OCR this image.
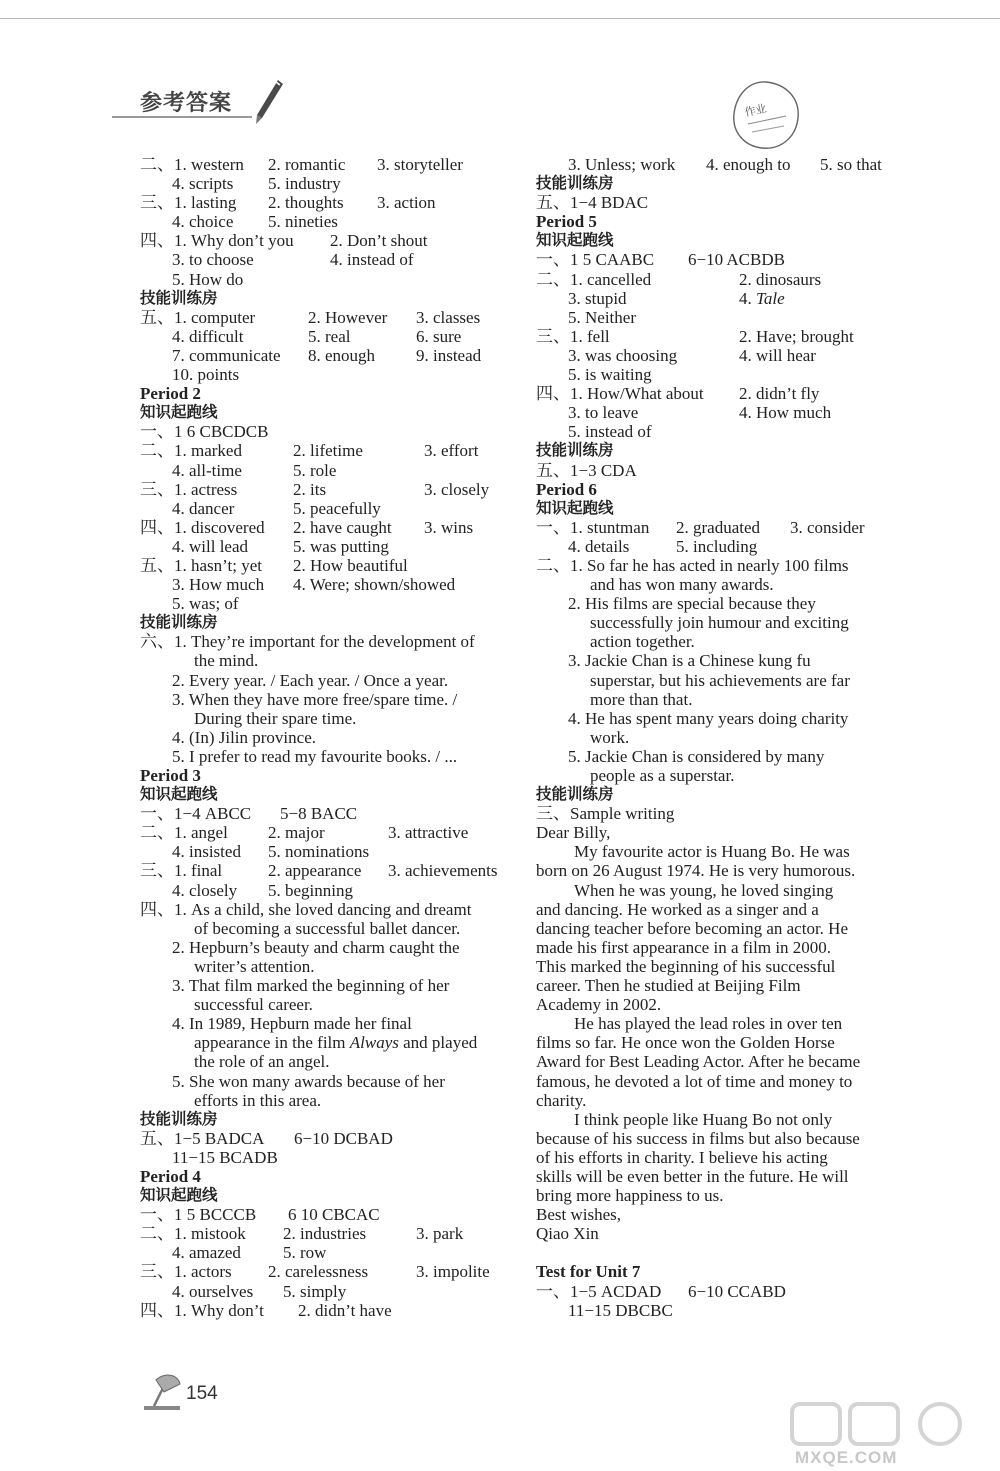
参考答案	作业
二、1. western 2. romantic 3. storyteller
4. scripts 5. industry
三、1. lasting 2. thoughts 3. action
4. choice 5. nineties
四、1. Why don’t you 2. Don’t shout
3. to choose	4. instead of
5. How do
技能训练房
五、1. computer	2. However 3. classes
4. difficult	5. real	6. sure
7. communicate 8. enough 9. instead
10. points
Period 2
知识起跑线
一、1 6 CBCDCB
二、1. marked	2. lifetime	3. effort
4. all-time	5. role
三、1. actress	2. its	3. closely
4. dancer	5. peacefully
四、1. discovered 2. have caught 3. wins
4. will lead	5. was putting
五、1. hasn’t; yet 2. How beautiful
3. How much 4. Were; shown/showed
5. was; of
技能训练房
六、1. They’re important for the development of
the mind.
2. Every year. / Each year. / Once a year.
3. When they have more free/spare time. /
During their spare time.
4. (In) Jilin province.
5. I prefer to read my favourite books. / ...
Period 3
知识起跑线
一、1−4 ABCC 5−8 BACC
二、1. angel 2. major	3. attractive
4. insisted 5. nominations
三、1. final	2. appearance 3. achievements
4. closely 5. beginning
四、1. As a child, she loved dancing and dreamt
of becoming a successful ballet dancer.
2. Hepburn’s beauty and charm caught the
writer’s attention.
3. That film marked the beginning of her
successful career.
4. In 1989, Hepburn made her final
appearance in the film Always and played
the role of an angel.
5. She won many awards because of her
efforts in this area.
技能训练房
五、1−5 BADCA 6−10 DCBAD
11−15 BCADB
Period 4
知识起跑线
一、1 5 BCCCB 6 10 CBCAC
二、1. mistook 2. industries	3. park
4. amazed 5. row
三、1. actors 2. carelessness	3. impolite
4. ourselves 5. simply
四、1. Why don’t 2. didn’t have
3. Unless; work 4. enough to 5. so that
技能训练房
五、1−4 BDAC
Period 5
知识起跑线
一、1 5 CAABC 6−10 ACBDB
二、1. cancelled	2. dinosaurs
3. stupid	4. Tale
5. Neither
三、1. fell	2. Have; brought
3. was choosing	4. will hear
5. is waiting
四、1. How/What about 2. didn’t fly
3. to leave	4. How much
5. instead of
技能训练房
五、1−3 CDA
Period 6
知识起跑线
一、1. stuntman 2. graduated 3. consider
4. details	5. including
二、1. So far he has acted in nearly 100 films
and has won many awards.
2. His films are special because they
successfully join humour and exciting
action together.
3. Jackie Chan is a Chinese kung fu
superstar, but his achievements are far
more than that.
4. He has spent many years doing charity
work.
5. Jackie Chan is considered by many
people as a superstar.
技能训练房
三、Sample writing
Dear Billy,
My favourite actor is Huang Bo. He was
born on 26 August 1974. He is very humorous.
When he was young, he loved singing
and dancing. He worked as a singer and a
dancing teacher before becoming an actor. He
made his first appearance in a film in 2000.
This marked the beginning of his successful
career. Then he studied at Beijing Film
Academy in 2002.
He has played the lead roles in over ten
films so far. He once won the Golden Horse
Award for Best Leading Actor. After he became
famous, he devoted a lot of time and money to
charity.
I think people like Huang Bo not only
because of his success in films but also because
of his efforts in charity. I believe his acting
skills will be even better in the future. He will
bring more happiness to us.
Best wishes,
Qiao Xin
Test for Unit 7
一、1−5 ACDAD 6−10 CCABD
11−15 DBCBC
154
MXQE.COM
